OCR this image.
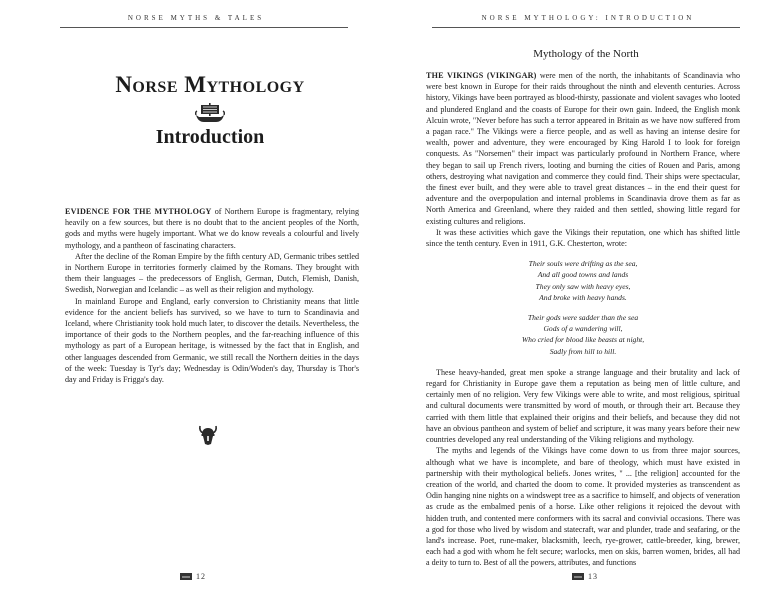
NORSE MYTHS & TALES
Norse Mythology
Introduction

EVIDENCE FOR THE MYTHOLOGY of Northern Europe is fragmentary, relying heavily on a few sources, but there is no doubt that to the ancient peoples of the North, gods and myths were hugely important. What we do know reveals a colourful and lively mythology, and a pantheon of fascinating characters.

After the decline of the Roman Empire by the fifth century AD, Germanic tribes settled in Northern Europe in territories formerly claimed by the Romans. They brought with them their languages – the predecessors of English, German, Dutch, Flemish, Danish, Swedish, Norwegian and Icelandic – as well as their religion and mythology.

In mainland Europe and England, early conversion to Christianity means that little evidence for the ancient beliefs has survived, so we have to turn to Scandinavia and Iceland, where Christianity took hold much later, to discover the details. Nevertheless, the importance of their gods to the Northern peoples, and the far-reaching influence of this mythology as part of a European heritage, is witnessed by the fact that in English, and other languages descended from Germanic, we still recall the Northern deities in the days of the week: Tuesday is Tyr's day; Wednesday is Odin/Woden's day, Thursday is Thor's day and Friday is Frigga's day.

12
NORSE MYTHOLOGY: INTRODUCTION
Mythology of the North

THE VIKINGS (VIKINGAR) were men of the north, the inhabitants of Scandinavia who were best known in Europe for their raids throughout the ninth and eleventh centuries. Across history, Vikings have been portrayed as blood-thirsty, passionate and violent savages who looted and plundered England and the coasts of Europe for their own gain. Indeed, the English monk Alcuin wrote, "Never before has such a terror appeared in Britain as we have now suffered from a pagan race." The Vikings were a fierce people, and as well as having an intense desire for wealth, power and adventure, they were encouraged by King Harold I to look for foreign conquests. As "Norsemen" their impact was particularly profound in Northern France, where they began to sail up French rivers, looting and burning the cities of Rouen and Paris, among others, destroying what navigation and commerce they could find. Their ships were spectacular, the finest ever built, and they were able to travel great distances – in the end their quest for adventure and the overpopulation and internal problems in Scandinavia drove them as far as North America and Greenland, where they raided and then settled, showing little regard for existing cultures and religions.

It was these activities which gave the Vikings their reputation, one which has shifted little since the tenth century. Even in 1911, G.K. Chesterton, wrote:

Their souls were drifting as the sea,
And all good towns and lands
They only saw with heavy eyes,
And broke with heavy hands.
Their gods were sadder than the sea
Gods of a wandering will,
Who cried for blood like beasts at night,
Sadly from hill to hill.

These heavy-handed, great men spoke a strange language and their brutality and lack of regard for Christianity in Europe gave them a reputation as being men of little culture, and certainly men of no religion. Very few Vikings were able to write, and most religious, spiritual and cultural documents were transmitted by word of mouth, or through their art. Because they carried with them little that explained their origins and their beliefs, and because they did not have an obvious pantheon and system of belief and scripture, it was many years before their new countries developed any real understanding of the Viking religions and mythology.

The myths and legends of the Vikings have come down to us from three major sources, although what we have is incomplete, and bare of theology, which must have existed in partnership with their mythological beliefs. Jones writes, " ... [the religion] accounted for the creation of the world, and charted the doom to come. It provided mysteries as transcendent as Odin hanging nine nights on a windswept tree as a sacrifice to himself, and objects of veneration as crude as the embalmed penis of a horse. Like other religions it rejoiced the devout with hidden truth, and contented mere conformers with its sacral and convivial occasions. There was a god for those who lived by wisdom and statecraft, war and plunder, trade and seafaring, or the land's increase. Poet, rune-maker, blacksmith, leech, rye-grower, cattle-breeder, king, brewer, each had a god with whom he felt secure; warlocks, men on skis, barren women, brides, all had a deity to turn to. Best of all the powers, attributes, and functions

13
